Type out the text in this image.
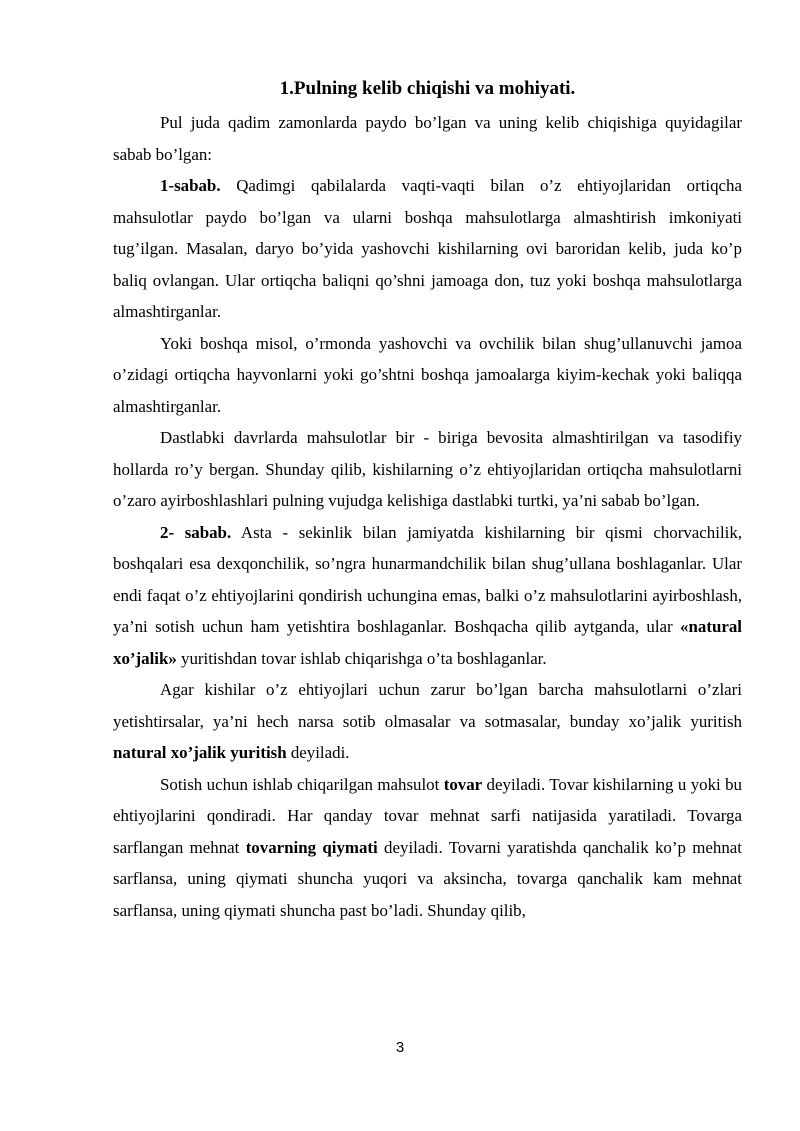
1.Pulning kelib chiqishi va mohiyati.

Pul juda qadim zamonlarda paydo bo’lgan va uning kelib chiqishiga quyidagilar sabab bo’lgan:

1-sabab. Qadimgi qabilalarda vaqti-vaqti bilan o’z ehtiyojlaridan ortiqcha mahsulotlar paydo bo’lgan va ularni boshqa mahsulotlarga almashtirish imkoniyati tug’ilgan. Masalan, daryo bo’yida yashovchi kishilarning ovi baroridan kelib, juda ko’p baliq ovlangan. Ular ortiqcha baliqni qo’shni jamoaga don, tuz yoki boshqa mahsulotlarga almashtirganlar.

Yoki boshqa misol, o’rmonda yashovchi va ovchilik bilan shug’ullanuvchi jamoa o’zidagi ortiqcha hayvonlarni yoki go’shtni boshqa jamoalarga kiyim-kechak yoki baliqqa almashtirganlar.

Dastlabki davrlarda mahsulotlar bir - biriga bevosita almashtirilgan va tasodifiy hollarda ro’y bergan. Shunday qilib, kishilarning o’z ehtiyojlaridan ortiqcha mahsulotlarni o’zaro ayirboshlashlari pulning vujudga kelishiga dastlabki turtki, ya’ni sabab bo’lgan.

2- sabab. Asta - sekinlik bilan jamiyatda kishilarning bir qismi chorvachilik, boshqalari esa dexqonchilik, so’ngra hunarmandchilik bilan shug’ullana boshlaganlar. Ular endi faqat o’z ehtiyojlarini qondirish uchungina emas, balki o’z mahsulotlarini ayirboshlash, ya’ni sotish uchun ham yetishtira boshlaganlar. Boshqacha qilib aytganda, ular «natural xo’jalik» yuritishdan tovar ishlab chiqarishga o’ta boshlaganlar.

Agar kishilar o’z ehtiyojlari uchun zarur bo’lgan barcha mahsulotlarni o’zlari yetishtirsalar, ya’ni hech narsa sotib olmasalar va sotmasalar, bunday xo’jalik yuritish natural xo’jalik yuritish deyiladi.

Sotish uchun ishlab chiqarilgan mahsulot tovar deyiladi. Tovar kishilarning u yoki bu ehtiyojlarini qondiradi. Har qanday tovar mehnat sarfi natijasida yaratiladi. Tovarga sarflangan mehnat tovarning qiymati deyiladi. Tovarni yaratishda qanchalik ko’p mehnat sarflansa, uning qiymati shuncha yuqori va aksincha, tovarga qanchalik kam mehnat sarflansa, uning qiymati shuncha past bo’ladi. Shunday qilib,

3
